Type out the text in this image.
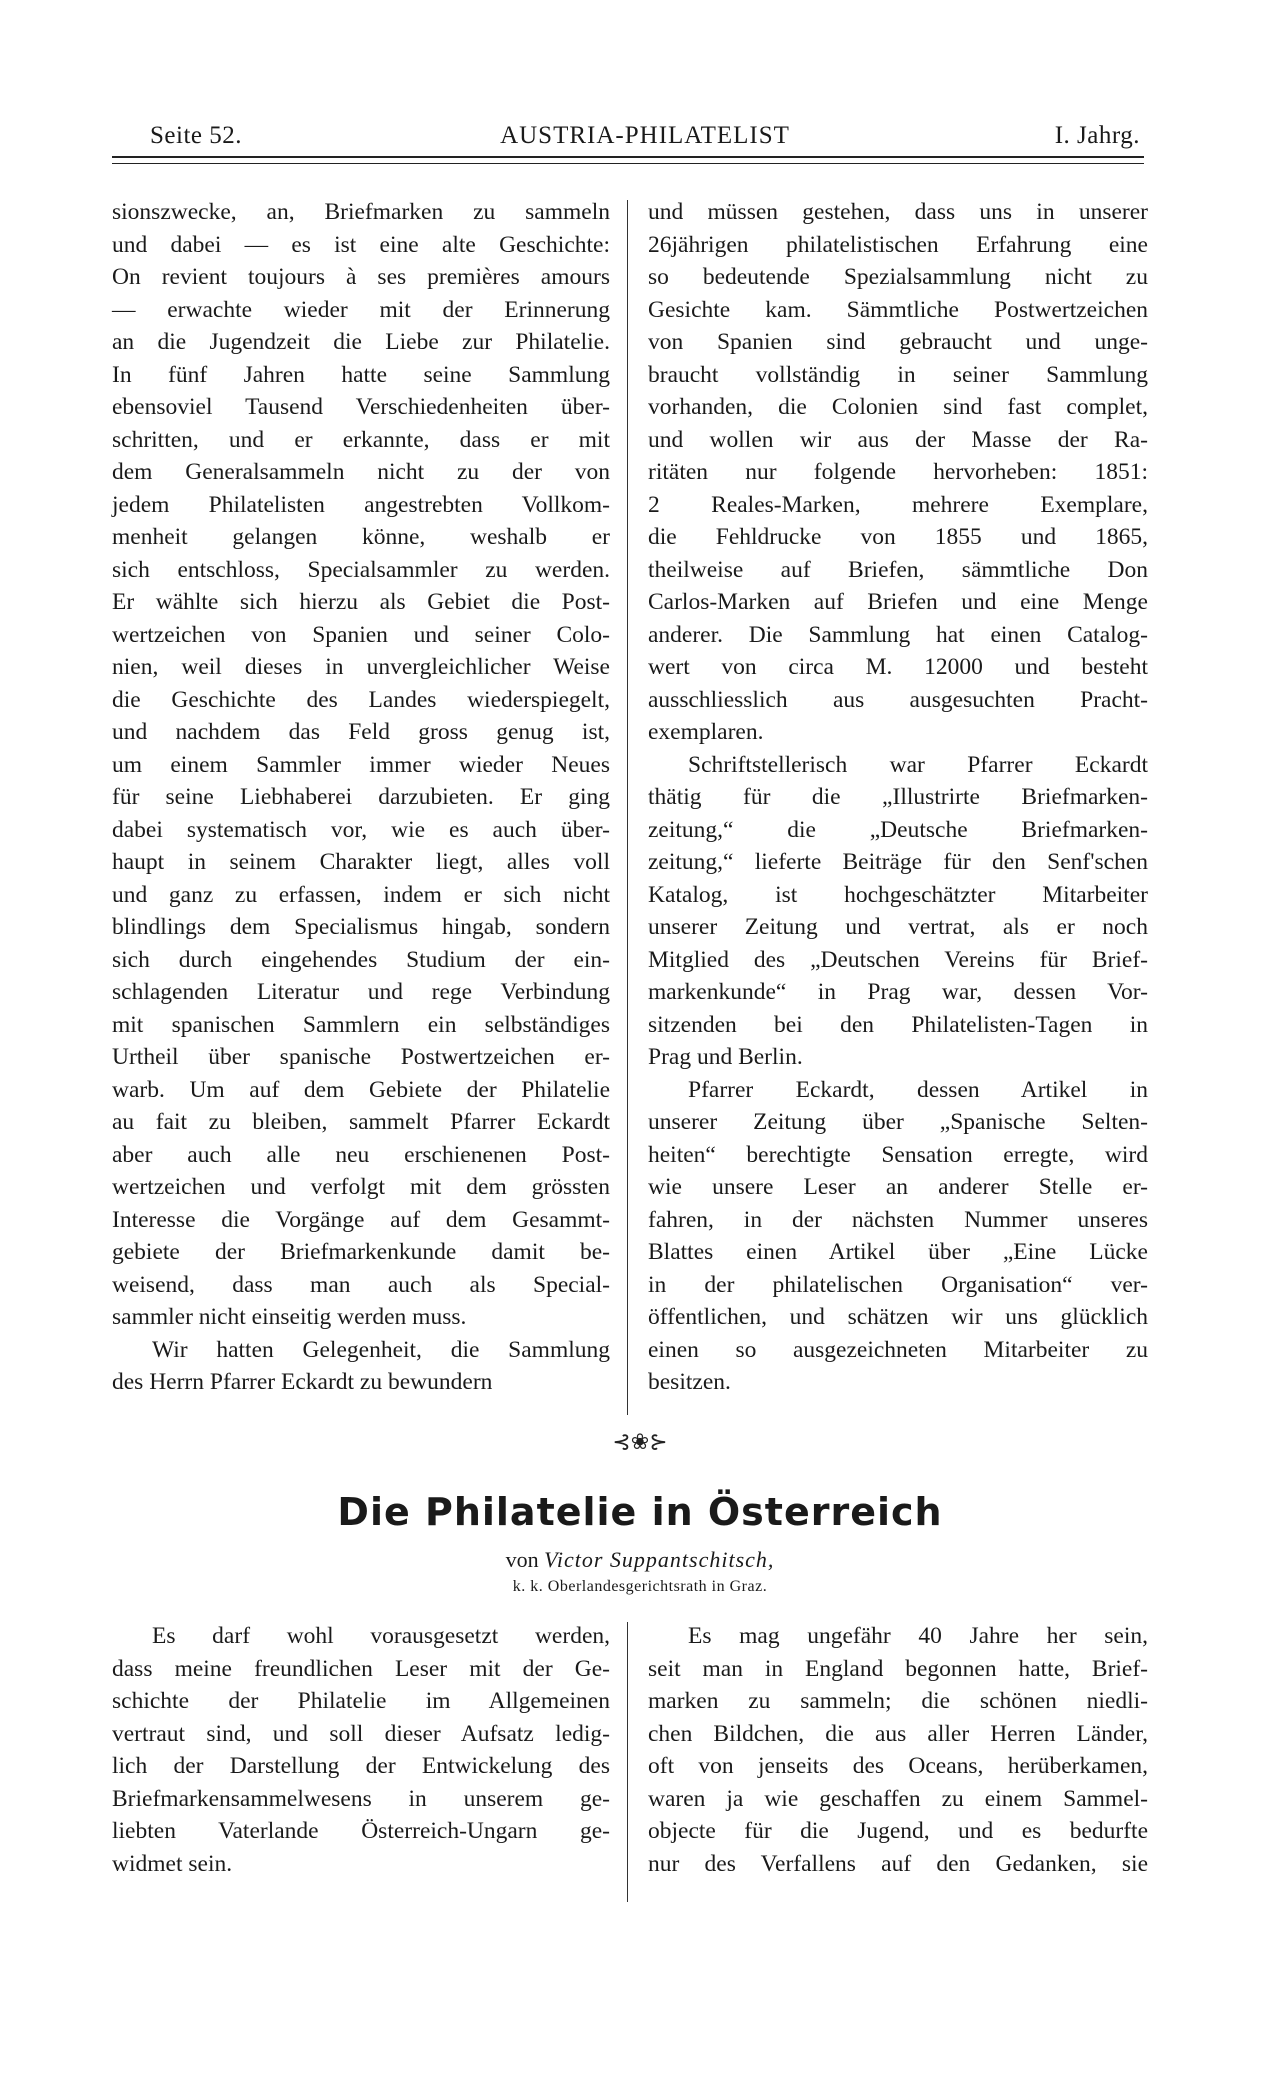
Seite 52.	AUSTRIA-PHILATELIST	I. Jahrg.
sionszwecke, an, Briefmarken zu sammeln
und dabei — es ist eine alte Geschichte:
On revient toujours à ses premières amours
— erwachte wieder mit der Erinnerung
an die Jugendzeit die Liebe zur Philatelie.
In fünf Jahren hatte seine Sammlung
ebensoviel Tausend Verschiedenheiten über-
schritten, und er erkannte, dass er mit
dem Generalsammeln nicht zu der von
jedem Philatelisten angestrebten Vollkom-
menheit gelangen könne, weshalb er
sich entschloss, Specialsammler zu werden.
Er wählte sich hierzu als Gebiet die Post-
wertzeichen von Spanien und seiner Colo-
nien, weil dieses in unvergleichlicher Weise
die Geschichte des Landes wiederspiegelt,
und nachdem das Feld gross genug ist,
um einem Sammler immer wieder Neues
für seine Liebhaberei darzubieten. Er ging
dabei systematisch vor, wie es auch über-
haupt in seinem Charakter liegt, alles voll
und ganz zu erfassen, indem er sich nicht
blindlings dem Specialismus hingab, sondern
sich durch eingehendes Studium der ein-
schlagenden Literatur und rege Verbindung
mit spanischen Sammlern ein selbständiges
Urtheil über spanische Postwertzeichen er-
warb. Um auf dem Gebiete der Philatelie
au fait zu bleiben, sammelt Pfarrer Eckardt
aber auch alle neu erschienenen Post-
wertzeichen und verfolgt mit dem grössten
Interesse die Vorgänge auf dem Gesammt-
gebiete der Briefmarkenkunde damit be-
weisend, dass man auch als Special-
sammler nicht einseitig werden muss.
Wir hatten Gelegenheit, die Sammlung
des Herrn Pfarrer Eckardt zu bewundern
und müssen gestehen, dass uns in unserer
26jährigen philatelistischen Erfahrung eine
so bedeutende Spezialsammlung nicht zu
Gesichte kam. Sämmtliche Postwertzeichen
von Spanien sind gebraucht und unge-
braucht vollständig in seiner Sammlung
vorhanden, die Colonien sind fast complet,
und wollen wir aus der Masse der Ra-
ritäten nur folgende hervorheben: 1851:
2 Reales-Marken, mehrere Exemplare,
die Fehldrucke von 1855 und 1865,
theilweise auf Briefen, sämmtliche Don
Carlos-Marken auf Briefen und eine Menge
anderer. Die Sammlung hat einen Catalog-
wert von circa M. 12000 und besteht
ausschliesslich aus ausgesuchten Pracht-
exemplaren.
Schriftstellerisch war Pfarrer Eckardt
thätig für die „Illustrirte Briefmarken-
zeitung,“ die „Deutsche Briefmarken-
zeitung,“ lieferte Beiträge für den Senf'schen
Katalog, ist hochgeschätzter Mitarbeiter
unserer Zeitung und vertrat, als er noch
Mitglied des „Deutschen Vereins für Brief-
markenkunde“ in Prag war, dessen Vor-
sitzenden bei den Philatelisten-Tagen in
Prag und Berlin.
Pfarrer Eckardt, dessen Artikel in
unserer Zeitung über „Spanische Selten-
heiten“ berechtigte Sensation erregte, wird
wie unsere Leser an anderer Stelle er-
fahren, in der nächsten Nummer unseres
Blattes einen Artikel über „Eine Lücke
in der philatelischen Organisation“ ver-
öffentlichen, und schätzen wir uns glücklich
einen so ausgezeichneten Mitarbeiter zu
besitzen.
⊰❀⊱
Die Philatelie in Österreich
von Victor Suppantschitsch,
k. k. Oberlandesgerichtsrath in Graz.
Es darf wohl vorausgesetzt werden,
dass meine freundlichen Leser mit der Ge-
schichte der Philatelie im Allgemeinen
vertraut sind, und soll dieser Aufsatz ledig-
lich der Darstellung der Entwickelung des
Briefmarkensammelwesens in unserem ge-
liebten Vaterlande Österreich-Ungarn ge-
widmet sein.
Es mag ungefähr 40 Jahre her sein,
seit man in England begonnen hatte, Brief-
marken zu sammeln; die schönen niedli-
chen Bildchen, die aus aller Herren Länder,
oft von jenseits des Oceans, herüberkamen,
waren ja wie geschaffen zu einem Sammel-
objecte für die Jugend, und es bedurfte
nur des Verfallens auf den Gedanken, sie
